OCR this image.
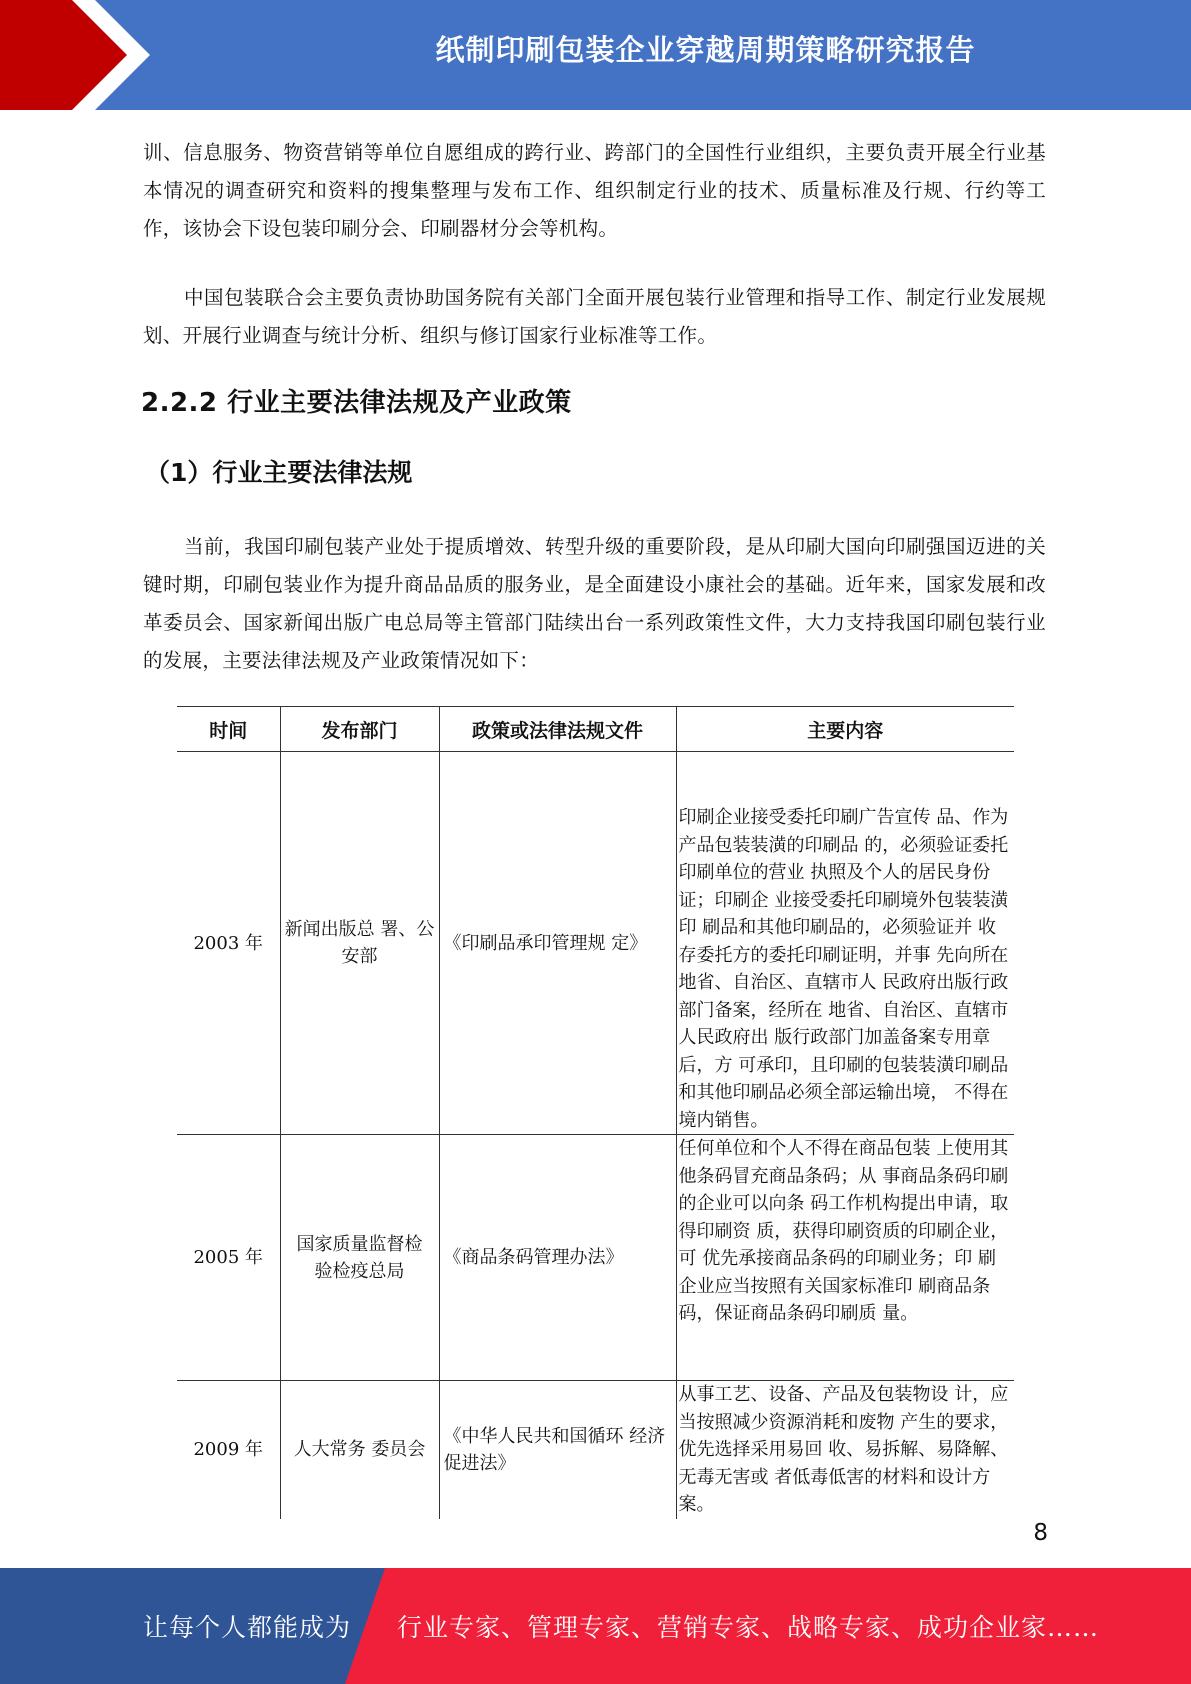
纸制印刷包装企业穿越周期策略研究报告
训、信息服务、物资营销等单位自愿组成的跨行业、跨部门的全国性行业组织，主要负责开展全行业基本情况的调查研究和资料的搜集整理与发布工作、组织制定行业的技术、质量标准及行规、行约等工作，该协会下设包装印刷分会、印刷器材分会等机构。
中国包装联合会主要负责协助国务院有关部门全面开展包装行业管理和指导工作、制定行业发展规划、开展行业调查与统计分析、组织与修订国家行业标准等工作。
2.2.2 行业主要法律法规及产业政策
（1）行业主要法律法规
当前，我国印刷包装产业处于提质增效、转型升级的重要阶段，是从印刷大国向印刷强国迈进的关键时期，印刷包装业作为提升商品品质的服务业，是全面建设小康社会的基础。近年来，国家发展和改革委员会、国家新闻出版广电总局等主管部门陆续出台一系列政策性文件，大力支持我国印刷包装行业的发展，主要法律法规及产业政策情况如下：
时间	发布部门	政策或法律法规文件	主要内容
2003 年	新闻出版总 署、公安部	《印刷品承印管理规 定》	印刷企业接受委托印刷广告宣传 品、作为产品包装装潢的印刷品 的，必须验证委托印刷单位的营业 执照及个人的居民身份证；印刷企 业接受委托印刷境外包装装潢印 刷品和其他印刷品的，必须验证并 收存委托方的委托印刷证明，并事 先向所在地省、自治区、直辖市人 民政府出版行政部门备案，经所在 地省、自治区、直辖市人民政府出 版行政部门加盖备案专用章后，方 可承印，且印刷的包装装潢印刷品和其他印刷品必须全部运输出境， 不得在境内销售。
2005 年	国家质量监督检验检疫总局	《商品条码管理办法》	任何单位和个人不得在商品包装 上使用其他条码冒充商品条码；从 事商品条码印刷的企业可以向条 码工作机构提出申请，取得印刷资 质，获得印刷资质的印刷企业，可 优先承接商品条码的印刷业务；印 刷企业应当按照有关国家标准印 刷商品条码，保证商品条码印刷质 量。
2009 年	人大常务 委员会	《中华人民共和国循环 经济促进法》	从事工艺、设备、产品及包装物设 计，应当按照减少资源消耗和废物 产生的要求，优先选择采用易回 收、易拆解、易降解、无毒无害或 者低毒低害的材料和设计方案。
8
让每个人都能成为 行业专家、管理专家、营销专家、战略专家、成功企业家……
